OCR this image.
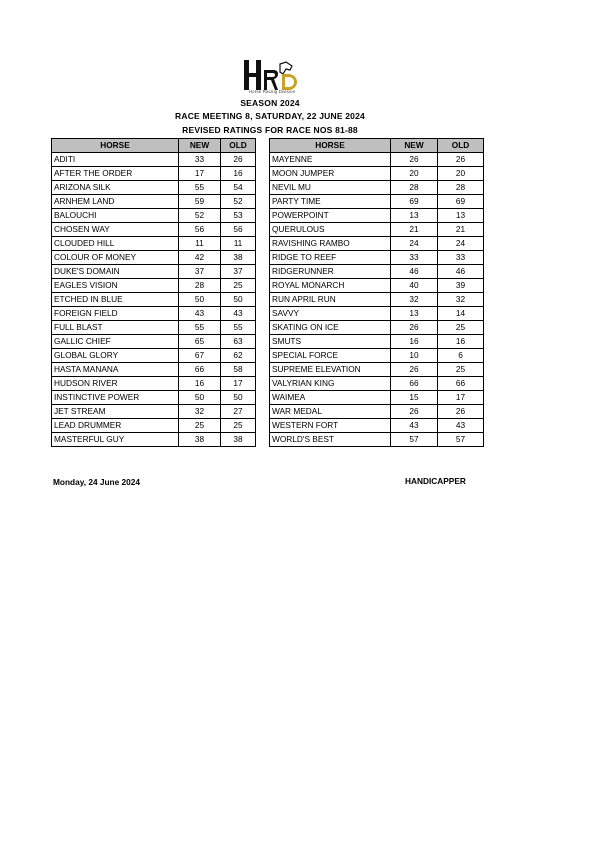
Horse Racing Division
SEASON 2024
RACE MEETING 8, SATURDAY, 22 JUNE 2024
REVISED RATINGS FOR RACE NOS 81-88
HORSE	NEW	OLD
ADITI	33	26
AFTER THE ORDER	17	16
ARIZONA SILK	55	54
ARNHEM LAND	59	52
BALOUCHI	52	53
CHOSEN WAY	56	56
CLOUDED HILL	11	11
COLOUR OF MONEY	42	38
DUKE'S DOMAIN	37	37
EAGLES VISION	28	25
ETCHED IN BLUE	50	50
FOREIGN FIELD	43	43
FULL BLAST	55	55
GALLIC CHIEF	65	63
GLOBAL GLORY	67	62
HASTA MANANA	66	58
HUDSON RIVER	16	17
INSTINCTIVE POWER	50	50
JET STREAM	32	27
LEAD DRUMMER	25	25
MASTERFUL GUY	38	38
HORSE	NEW	OLD
MAYENNE	26	26
MOON JUMPER	20	20
NEVIL MU	28	28
PARTY TIME	69	69
POWERPOINT	13	13
QUERULOUS	21	21
RAVISHING RAMBO	24	24
RIDGE TO REEF	33	33
RIDGERUNNER	46	46
ROYAL MONARCH	40	39
RUN APRIL RUN	32	32
SAVVY	13	14
SKATING ON ICE	26	25
SMUTS	16	16
SPECIAL FORCE	10	6
SUPREME ELEVATION	26	25
VALYRIAN KING	66	66
WAIMEA	15	17
WAR MEDAL	26	26
WESTERN FORT	43	43
WORLD'S BEST	57	57
Monday, 24 June 2024	HANDICAPPER
